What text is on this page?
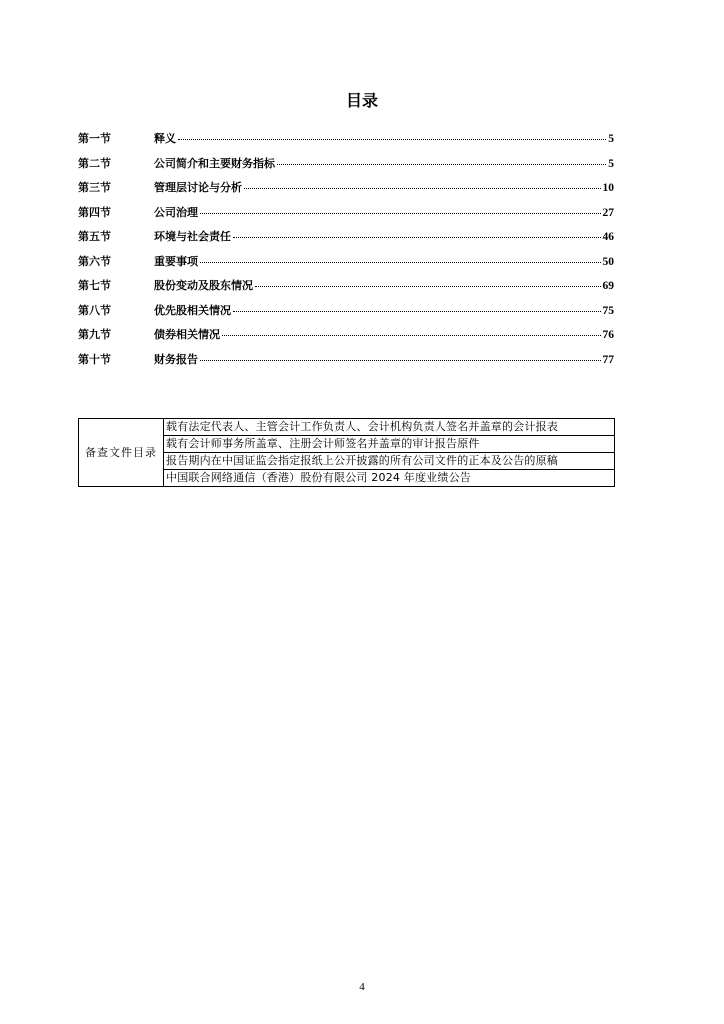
目录
第一节	释义	5
第二节	公司简介和主要财务指标	5
第三节	管理层讨论与分析	10
第四节	公司治理	27
第五节	环境与社会责任	46
第六节	重要事项	50
第七节	股份变动及股东情况	69
第八节	优先股相关情况	75
第九节	债券相关情况	76
第十节	财务报告	77
备查文件目录	载有法定代表人、主管会计工作负责人、会计机构负责人签名并盖章的会计报表
载有会计师事务所盖章、注册会计师签名并盖章的审计报告原件
报告期内在中国证监会指定报纸上公开披露的所有公司文件的正本及公告的原稿
中国联合网络通信（香港）股份有限公司 2024 年度业绩公告
4
